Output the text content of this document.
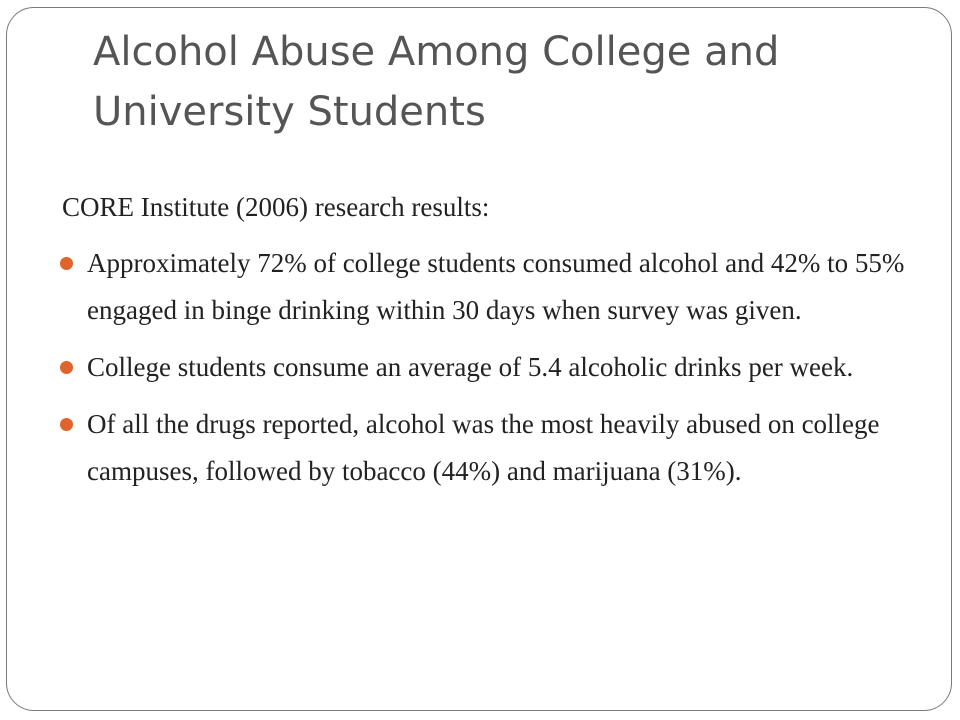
Alcohol Abuse Among College and University Students

CORE Institute (2006) research results:

Approximately 72% of college students consumed alcohol and 42% to 55% engaged in binge drinking within 30 days when survey was given.
College students consume an average of 5.4 alcoholic drinks per week.
Of all the drugs reported, alcohol was the most heavily abused on college campuses, followed by tobacco (44%) and marijuana (31%).
